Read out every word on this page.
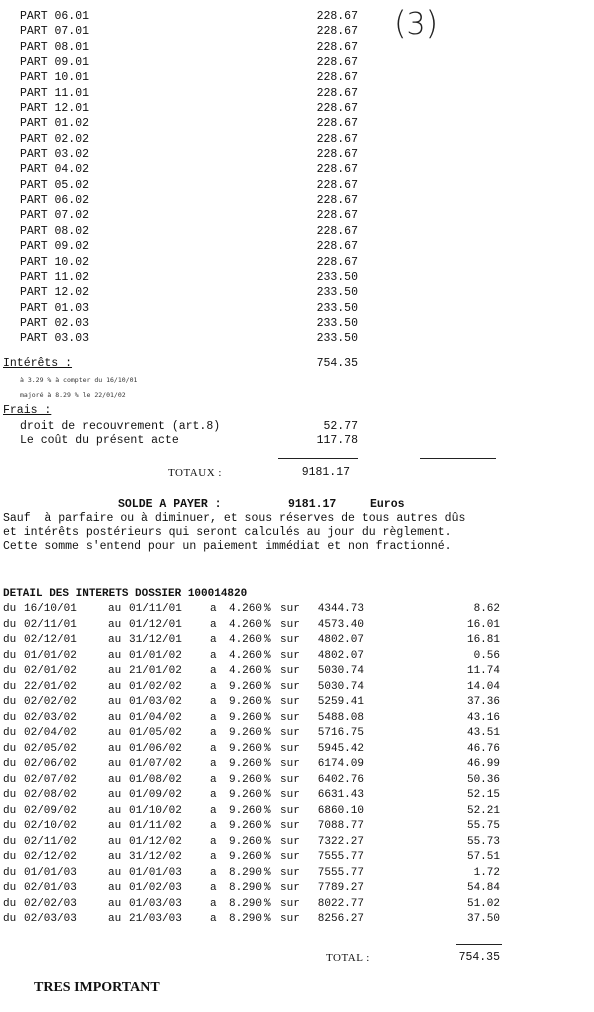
(3)
PART 06.01	228.67
PART 07.01	228.67
PART 08.01	228.67
PART 09.01	228.67
PART 10.01	228.67
PART 11.01	228.67
PART 12.01	228.67
PART 01.02	228.67
PART 02.02	228.67
PART 03.02	228.67
PART 04.02	228.67
PART 05.02	228.67
PART 06.02	228.67
PART 07.02	228.67
PART 08.02	228.67
PART 09.02	228.67
PART 10.02	228.67
PART 11.02	233.50
PART 12.02	233.50
PART 01.03	233.50
PART 02.03	233.50
PART 03.03	233.50
Intérêts :	754.35
à 3.29 % à compter du 16/10/01
majoré à 8.29 % le 22/01/02
Frais :
droit de recouvrement (art.8)	52.77
Le coût du présent acte	117.78
TOTAUX :	9181.17
SOLDE A PAYER :	9181.17	Euros
Sauf  à parfaire ou à diminuer, et sous réserves de tous autres dûs
et intérêts postérieurs qui seront calculés au jour du règlement.
Cette somme s'entend pour un paiement immédiat et non fractionné.
DETAIL DES INTERETS DOSSIER 100014820
du 16/10/01	au 01/11/01	a	4.260 % sur	4344.73	8.62
du 02/11/01	au 01/12/01	a	4.260 % sur	4573.40	16.01
du 02/12/01	au 31/12/01	a	4.260 % sur	4802.07	16.81
du 01/01/02	au 01/01/02	a	4.260 % sur	4802.07	0.56
du 02/01/02	au 21/01/02	a	4.260 % sur	5030.74	11.74
du 22/01/02	au 01/02/02	a	9.260 % sur	5030.74	14.04
du 02/02/02	au 01/03/02	a	9.260 % sur	5259.41	37.36
du 02/03/02	au 01/04/02	a	9.260 % sur	5488.08	43.16
du 02/04/02	au 01/05/02	a	9.260 % sur	5716.75	43.51
du 02/05/02	au 01/06/02	a	9.260 % sur	5945.42	46.76
du 02/06/02	au 01/07/02	a	9.260 % sur	6174.09	46.99
du 02/07/02	au 01/08/02	a	9.260 % sur	6402.76	50.36
du 02/08/02	au 01/09/02	a	9.260 % sur	6631.43	52.15
du 02/09/02	au 01/10/02	a	9.260 % sur	6860.10	52.21
du 02/10/02	au 01/11/02	a	9.260 % sur	7088.77	55.75
du 02/11/02	au 01/12/02	a	9.260 % sur	7322.27	55.73
du 02/12/02	au 31/12/02	a	9.260 % sur	7555.77	57.51
du 01/01/03	au 01/01/03	a	8.290 % sur	7555.77	1.72
du 02/01/03	au 01/02/03	a	8.290 % sur	7789.27	54.84
du 02/02/03	au 01/03/03	a	8.290 % sur	8022.77	51.02
du 02/03/03	au 21/03/03	a	8.290 % sur	8256.27	37.50
TOTAL :	754.35
TRES IMPORTANT
